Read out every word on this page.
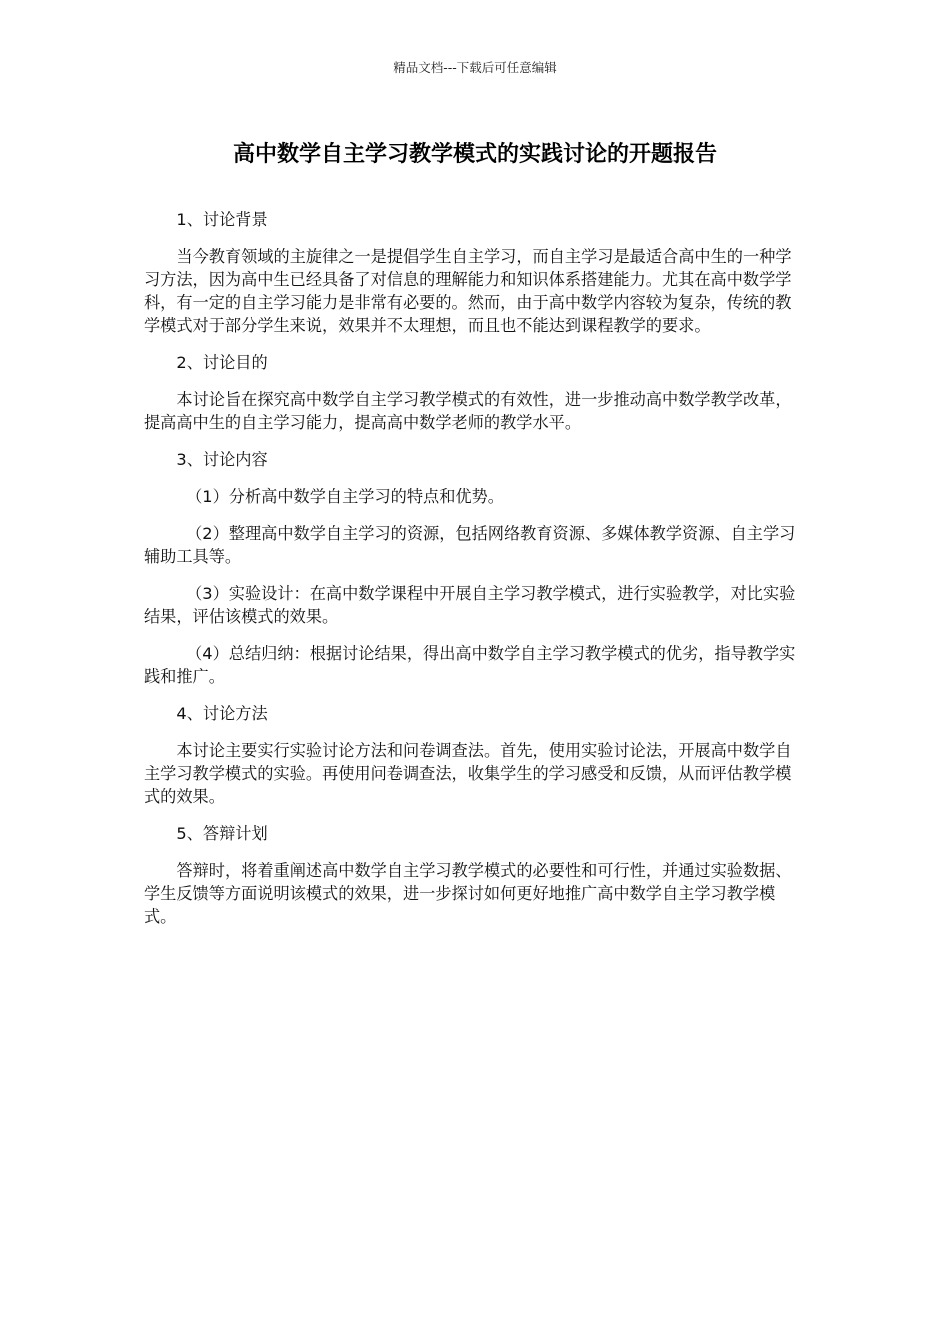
精品文档---下载后可任意编辑
高中数学自主学习教学模式的实践讨论的开题报告

1、讨论背景

当今教育领域的主旋律之一是提倡学生自主学习，而自主学习是最适合高中生的一种学习方法，因为高中生已经具备了对信息的理解能力和知识体系搭建能力。尤其在高中数学学科，有一定的自主学习能力是非常有必要的。然而，由于高中数学内容较为复杂，传统的教学模式对于部分学生来说，效果并不太理想，而且也不能达到课程教学的要求。

2、讨论目的

本讨论旨在探究高中数学自主学习教学模式的有效性，进一步推动高中数学教学改革，提高高中生的自主学习能力，提高高中数学老师的教学水平。

3、讨论内容

（1）分析高中数学自主学习的特点和优势。

（2）整理高中数学自主学习的资源，包括网络教育资源、多媒体教学资源、自主学习辅助工具等。

（3）实验设计：在高中数学课程中开展自主学习教学模式，进行实验教学，对比实验结果，评估该模式的效果。

（4）总结归纳：根据讨论结果，得出高中数学自主学习教学模式的优劣，指导教学实践和推广。

4、讨论方法

本讨论主要实行实验讨论方法和问卷调查法。首先，使用实验讨论法，开展高中数学自主学习教学模式的实验。再使用问卷调查法，收集学生的学习感受和反馈，从而评估教学模式的效果。

5、答辩计划

答辩时，将着重阐述高中数学自主学习教学模式的必要性和可行性，并通过实验数据、学生反馈等方面说明该模式的效果，进一步探讨如何更好地推广高中数学自主学习教学模式。
